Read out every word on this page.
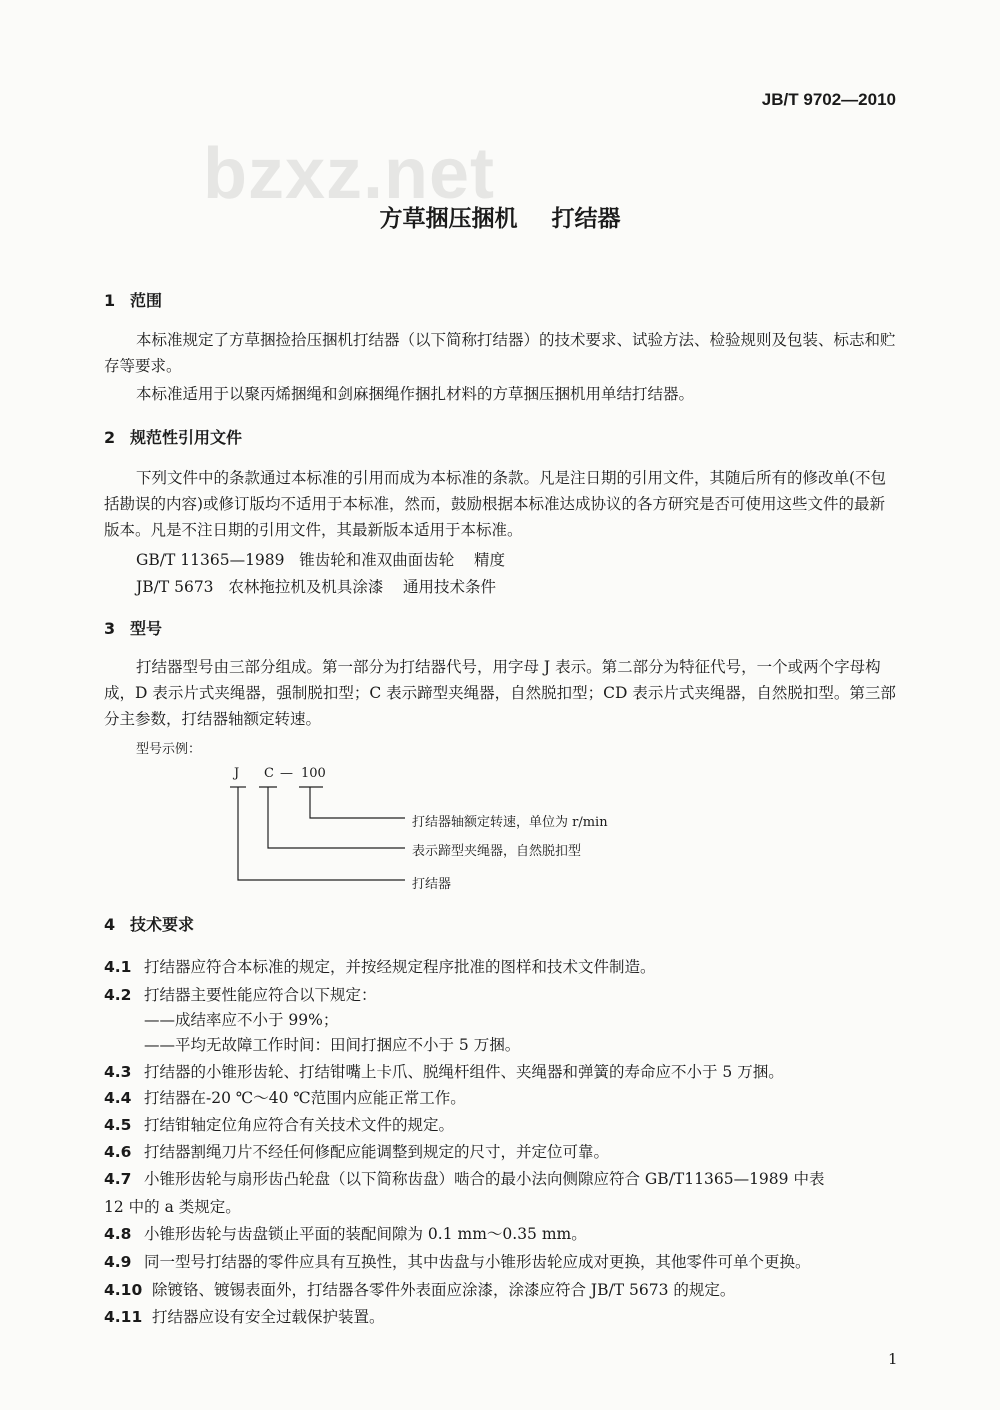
JB/T 9702—2010
bzxz.net
方草捆压捆机 打结器
1 范围
本标准规定了方草捆捡拾压捆机打结器（以下简称打结器）的技术要求、试验方法、检验规则及包装、标志和贮存等要求。
本标准适用于以聚丙烯捆绳和剑麻捆绳作捆扎材料的方草捆压捆机用单结打结器。
2 规范性引用文件
下列文件中的条款通过本标准的引用而成为本标准的条款。凡是注日期的引用文件，其随后所有的修改单(不包括勘误的内容)或修订版均不适用于本标准，然而，鼓励根据本标准达成协议的各方研究是否可使用这些文件的最新版本。凡是不注日期的引用文件，其最新版本适用于本标准。
GB/T 11365—1989   锥齿轮和准双曲面齿轮    精度
JB/T 5673   农林拖拉机及机具涂漆    通用技术条件
3 型号
打结器型号由三部分组成。第一部分为打结器代号，用字母 J 表示。第二部分为特征代号，一个或两个字母构成，D 表示片式夹绳器，强制脱扣型；C 表示蹄型夹绳器，自然脱扣型；CD 表示片式夹绳器，自然脱扣型。第三部分主参数，打结器轴额定转速。
型号示例：
J C — 100
打结器轴额定转速，单位为 r/min
表示蹄型夹绳器，自然脱扣型
打结器
4 技术要求
4.1 打结器应符合本标准的规定，并按经规定程序批准的图样和技术文件制造。
4.2 打结器主要性能应符合以下规定：
——成结率应不小于 99%；
——平均无故障工作时间：田间打捆应不小于 5 万捆。
4.3 打结器的小锥形齿轮、打结钳嘴上卡爪、脱绳杆组件、夹绳器和弹簧的寿命应不小于 5 万捆。
4.4 打结器在-20 ℃～40 ℃范围内应能正常工作。
4.5 打结钳轴定位角应符合有关技术文件的规定。
4.6 打结器割绳刀片不经任何修配应能调整到规定的尺寸，并定位可靠。
4.7 小锥形齿轮与扇形齿凸轮盘（以下简称齿盘）啮合的最小法向侧隙应符合 GB/T11365—1989 中表
12 中的 a 类规定。
4.8 小锥形齿轮与齿盘锁止平面的装配间隙为 0.1 mm～0.35 mm。
4.9 同一型号打结器的零件应具有互换性，其中齿盘与小锥形齿轮应成对更换，其他零件可单个更换。
4.10 除镀铬、镀锡表面外，打结器各零件外表面应涂漆，涂漆应符合 JB/T 5673 的规定。
4.11 打结器应设有安全过载保护装置。
1
